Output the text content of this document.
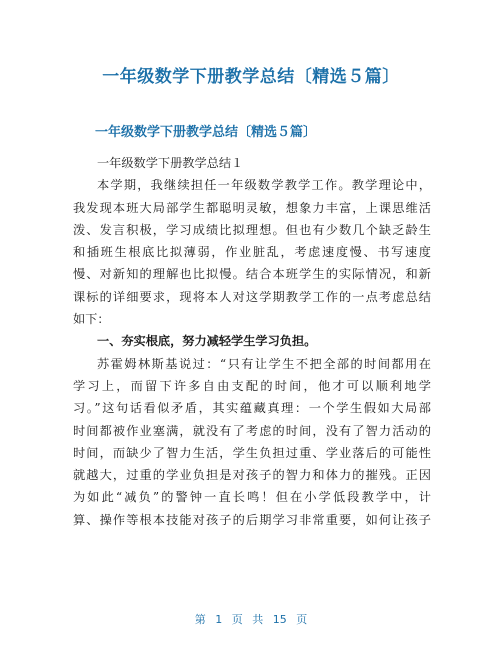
一年级数学下册教学总结〔精选５篇〕
一年级数学下册教学总结〔精选５篇〕
一年级数学下册教学总结１
本学期，我继续担任一年级数学教学工作。教学理论中，
我发现本班大局部学生都聪明灵敏，想象力丰富，上课思维活
泼、发言积极，学习成绩比拟理想。但也有少数几个缺乏龄生
和插班生根底比拟薄弱，作业脏乱，考虑速度慢、书写速度
慢、对新知的理解也比拟慢。结合本班学生的实际情况，和新
课标的详细要求，现将本人对这学期教学工作的一点考虑总结
如下：
一、夯实根底，努力减轻学生学习负担。
苏霍姆林斯基说过：“只有让学生不把全部的时间都用在
学习上，而留下许多自由支配的时间，他才可以顺利地学
习。”这句话看似矛盾，其实蕴藏真理：一个学生假如大局部
时间都被作业塞满，就没有了考虑的时间，没有了智力活动的
时间，而缺少了智力生活，学生负担过重、学业落后的可能性
就越大，过重的学业负担是对孩子的智力和体力的摧残。正因
为如此“减负”的警钟一直长鸣！但在小学低段教学中，计
算、操作等根本技能对孩子的后期学习非常重要，如何让孩子
第 1 页 共 15 页
